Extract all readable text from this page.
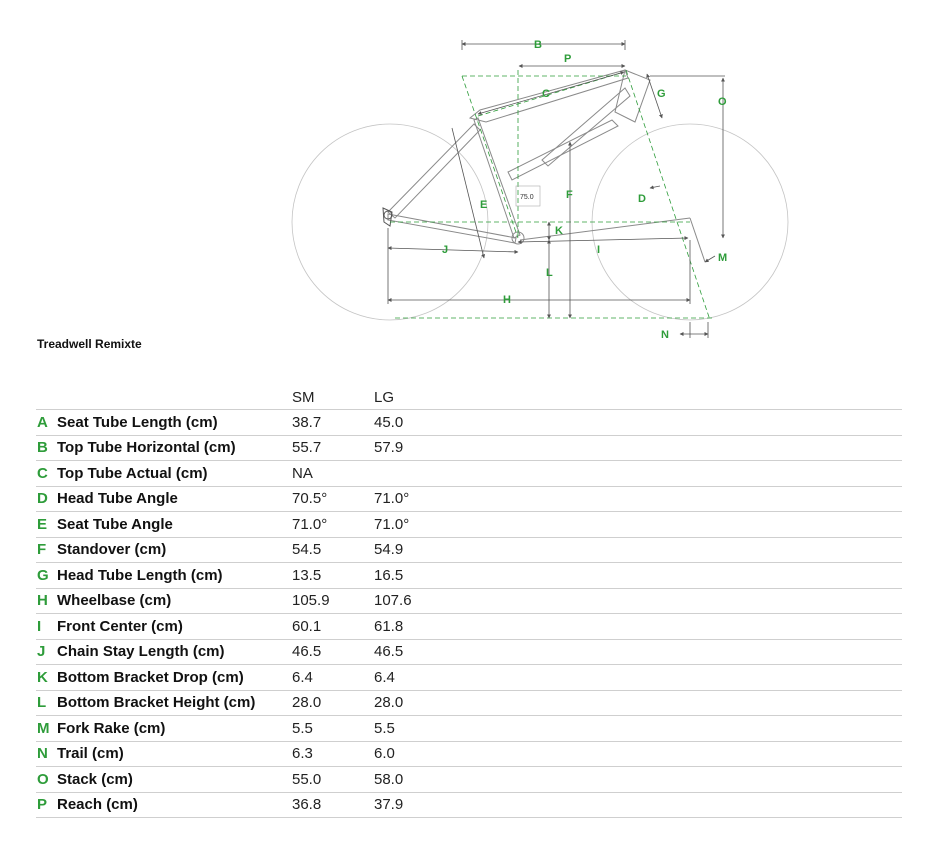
75.0
B
P
C	G
O
F
E	D
K
L
I
J
H
M
N
Treadwell Remixte
		SM	LG
A	Seat Tube Length (cm)	38.7	45.0
B	Top Tube Horizontal (cm)	55.7	57.9
C	Top Tube Actual (cm)	NA	
D	Head Tube Angle	70.5°	71.0°
E	Seat Tube Angle	71.0°	71.0°
F	Standover (cm)	54.5	54.9
G	Head Tube Length (cm)	13.5	16.5
H	Wheelbase (cm)	105.9	107.6
I	Front Center (cm)	60.1	61.8
J	Chain Stay Length (cm)	46.5	46.5
K	Bottom Bracket Drop (cm)	6.4	6.4
L	Bottom Bracket Height (cm)	28.0	28.0
M	Fork Rake (cm)	5.5	5.5
N	Trail (cm)	6.3	6.0
O	Stack (cm)	55.0	58.0
P	Reach (cm)	36.8	37.9
